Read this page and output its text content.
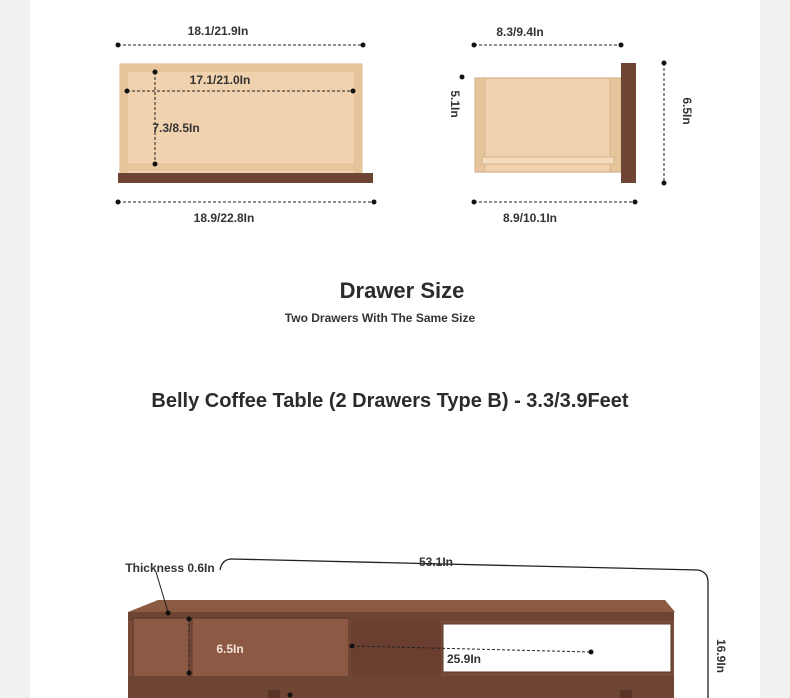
18.1/21.9In
17.1/21.0In
7.3/8.5In
18.9/22.8In
8.3/9.4In
5.1In	6.5In
8.9/10.1In
Thickness 0.6In	53.1In
16.9In
6.5In
25.9In
Drawer Size

Two Drawers With The Same Size

Belly Coffee Table (2 Drawers Type B) - 3.3/3.9Feet
